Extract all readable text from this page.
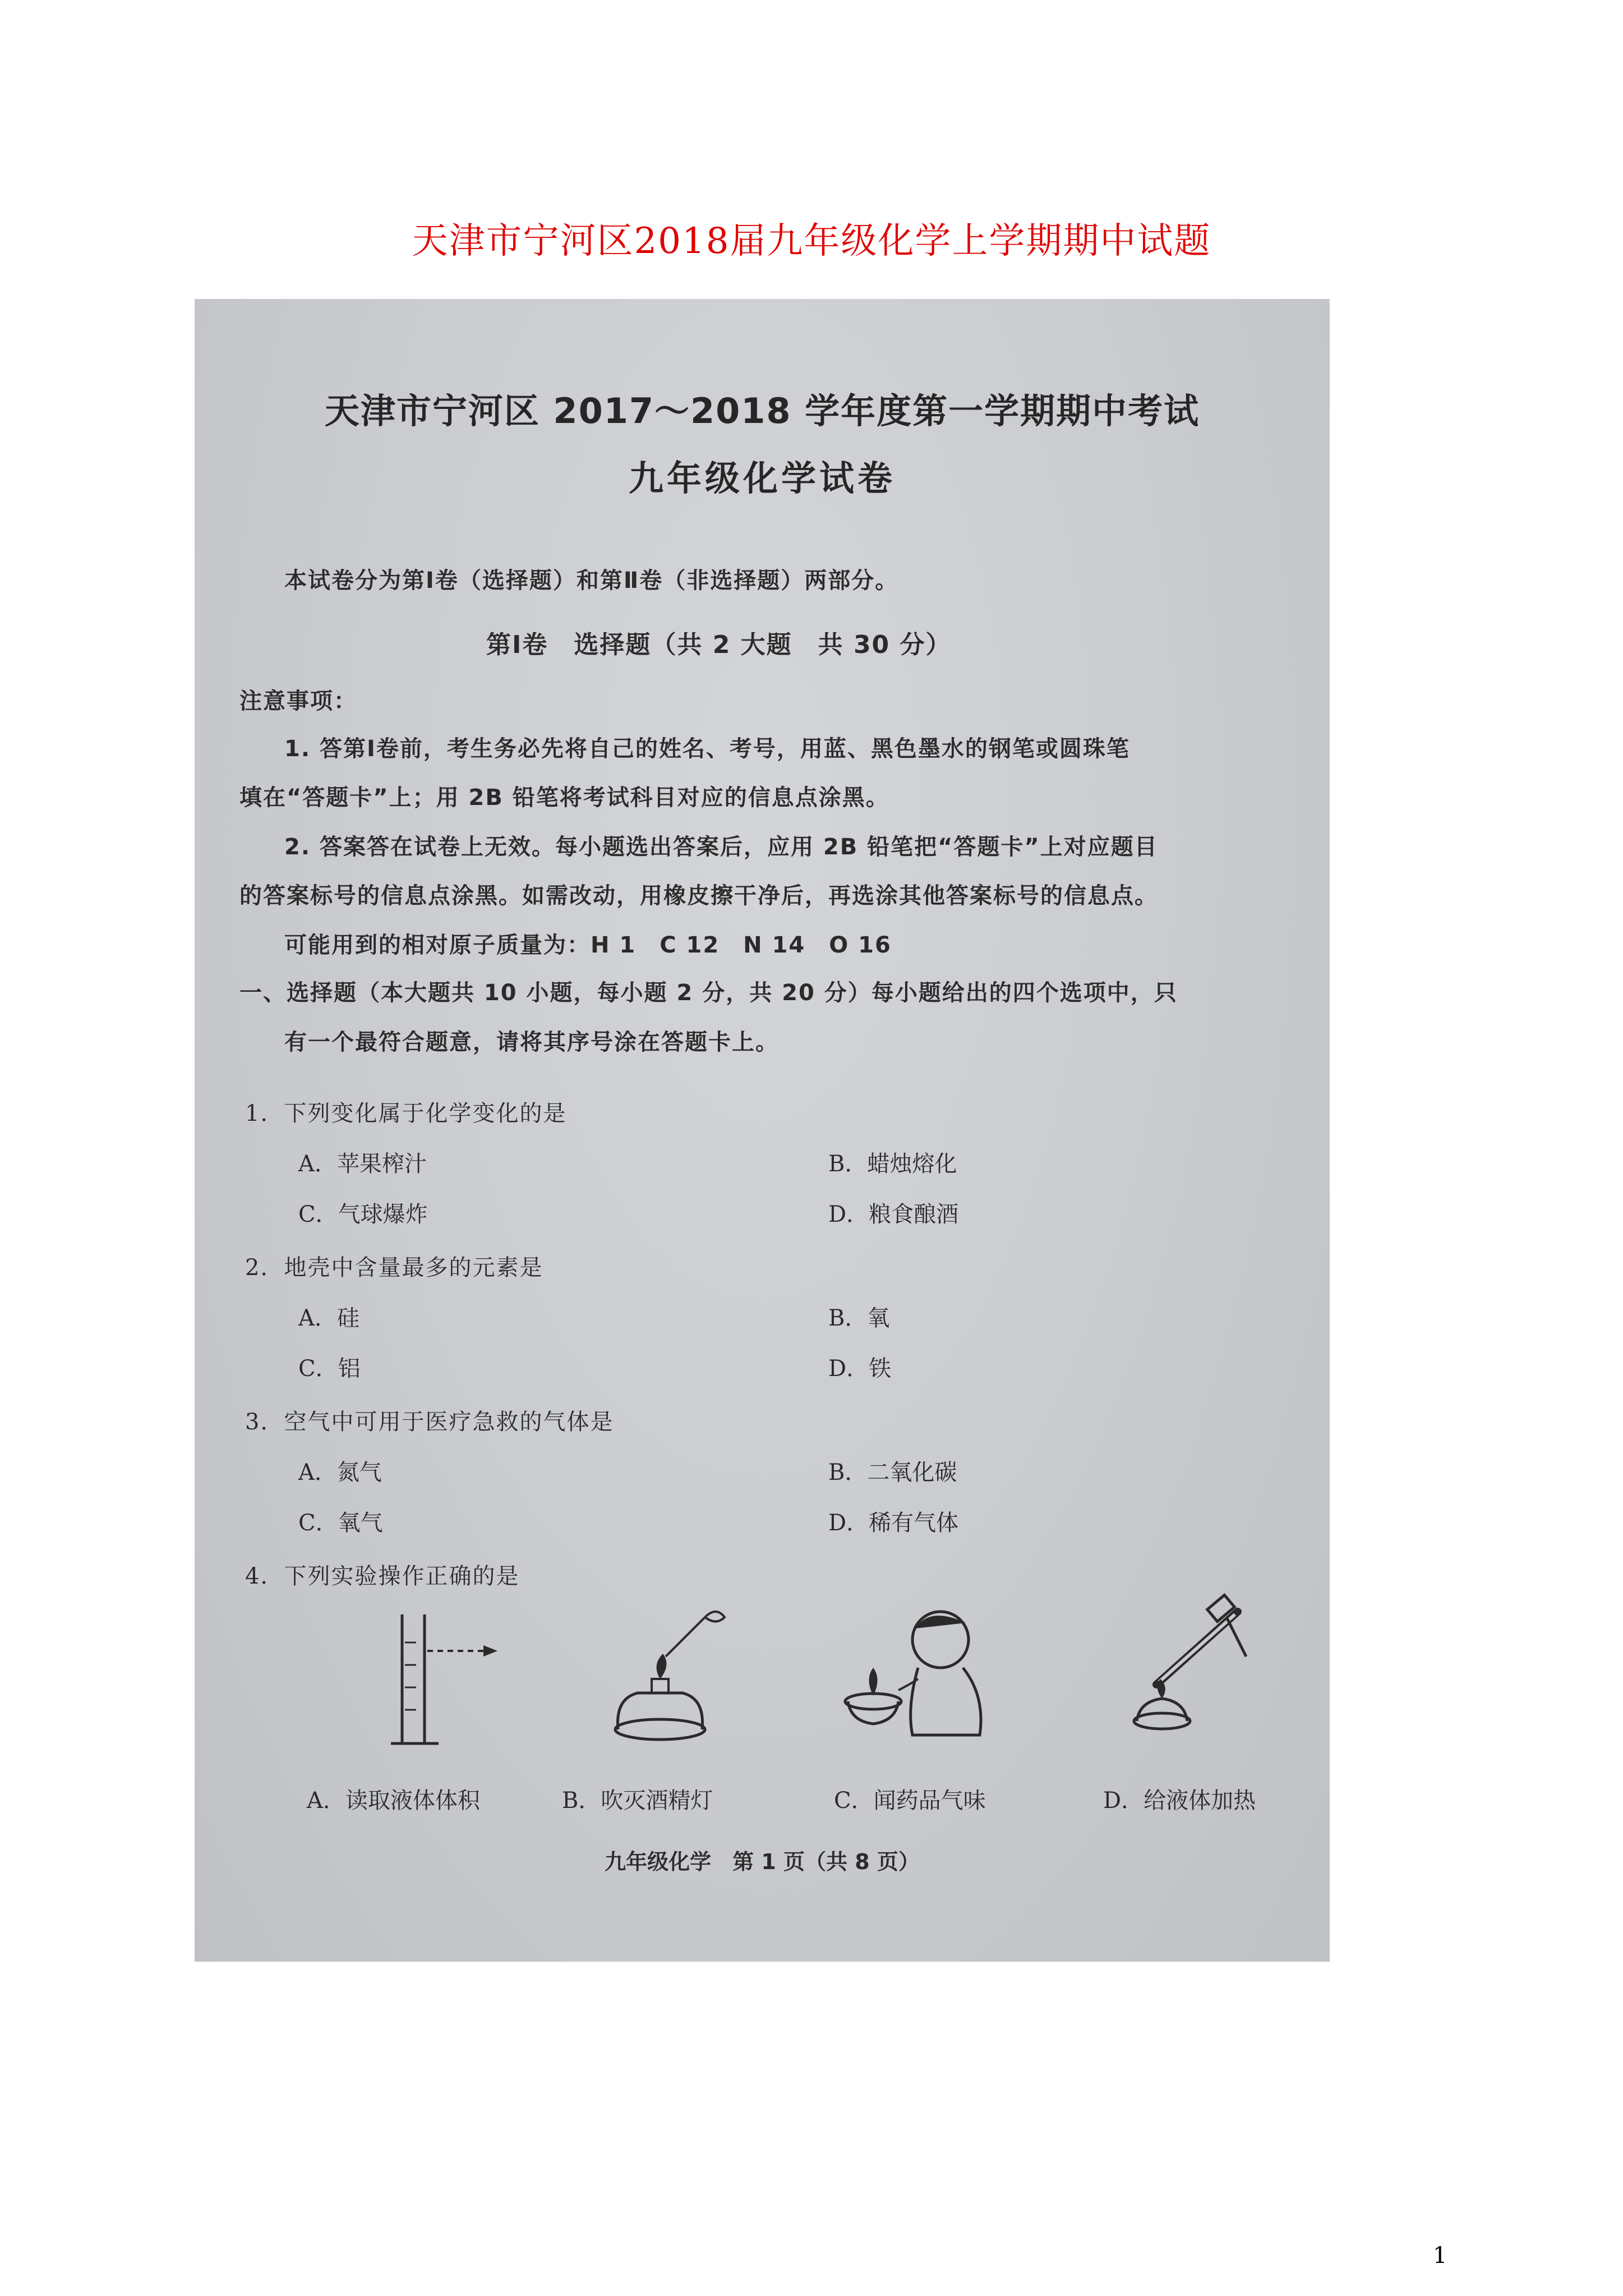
天津市宁河区2018届九年级化学上学期期中试题
天津市宁河区 2017～2018 学年度第一学期期中考试
九年级化学试卷
本试卷分为第Ⅰ卷（选择题）和第Ⅱ卷（非选择题）两部分。
第Ⅰ卷　选择题（共 2 大题　共 30 分）
注意事项：
1. 答第Ⅰ卷前，考生务必先将自己的姓名、考号，用蓝、黑色墨水的钢笔或圆珠笔
填在“答题卡”上；用 2B 铅笔将考试科目对应的信息点涂黑。
2. 答案答在试卷上无效。每小题选出答案后，应用 2B 铅笔把“答题卡”上对应题目
的答案标号的信息点涂黑。如需改动，用橡皮擦干净后，再选涂其他答案标号的信息点。
可能用到的相对原子质量为：H 1　C 12　N 14　O 16
一、选择题（本大题共 10 小题，每小题 2 分，共 20 分）每小题给出的四个选项中，只
有一个最符合题意，请将其序号涂在答题卡上。
1．下列变化属于化学变化的是
A．苹果榨汁	B．蜡烛熔化
C．气球爆炸	D．粮食酿酒
2．地壳中含量最多的元素是
A．硅	B．氧
C．铝	D．铁
3．空气中可用于医疗急救的气体是
A．氮气	B．二氧化碳
C．氧气	D．稀有气体
4．下列实验操作正确的是
A．读取液体体积	B．吹灭酒精灯	C．闻药品气味	D．给液体加热
九年级化学　第 1 页（共 8 页）
1
